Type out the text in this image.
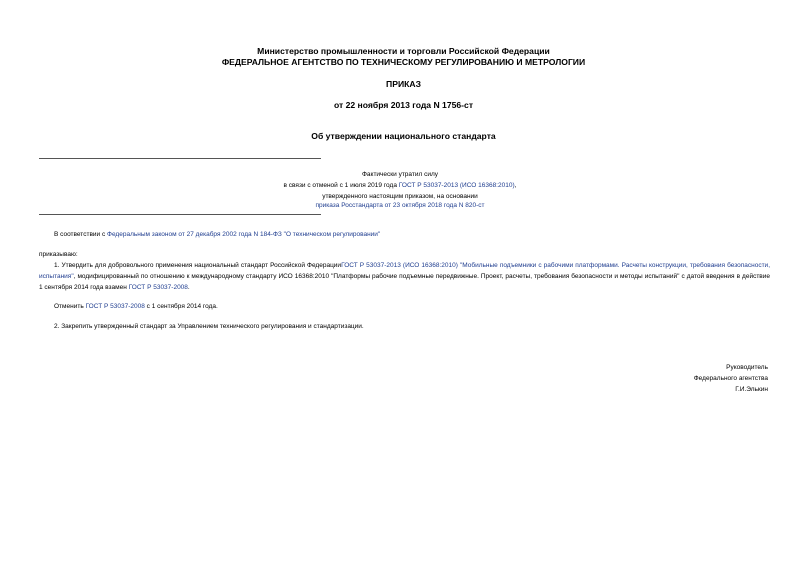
Министерство промышленности и торговли Российской Федерации
ФЕДЕРАЛЬНОЕ АГЕНТСТВО ПО ТЕХНИЧЕСКОМУ РЕГУЛИРОВАНИЮ И МЕТРОЛОГИИ
ПРИКАЗ
от 22 ноября 2013 года N 1756-ст
Об утверждении национального стандарта
Фактически утратил силу
в связи с отменой с 1 июля 2019 года ГОСТ Р 53037-2013 (ИСО 16368:2010),
утвержденного настоящим приказом, на основании
приказа Росстандарта от 23 октября 2018 года N 820-ст
В соответствии с Федеральным законом от 27 декабря 2002 года N 184-ФЗ "О техническом регулировании"
приказываю:
1. Утвердить для добровольного применения национальный стандарт Российской ФедерацииГОСТ Р 53037-2013 (ИСО 16368:2010) "Мобильные подъемники с рабочими платформами. Расчеты конструкции, требования безопасности, испытания", модифицированный по отношению к международному стандарту ИСО 16368:2010 "Платформы рабочие подъемные передвижные. Проект, расчеты, требования безопасности и методы испытаний" с датой введения в действие 1 сентября 2014 года взамен ГОСТ Р 53037-2008.
Отменить ГОСТ Р 53037-2008 с 1 сентября 2014 года.
2. Закрепить утвержденный стандарт за Управлением технического регулирования и стандартизации.
Руководитель
Федерального агентства
Г.И.Элькин
